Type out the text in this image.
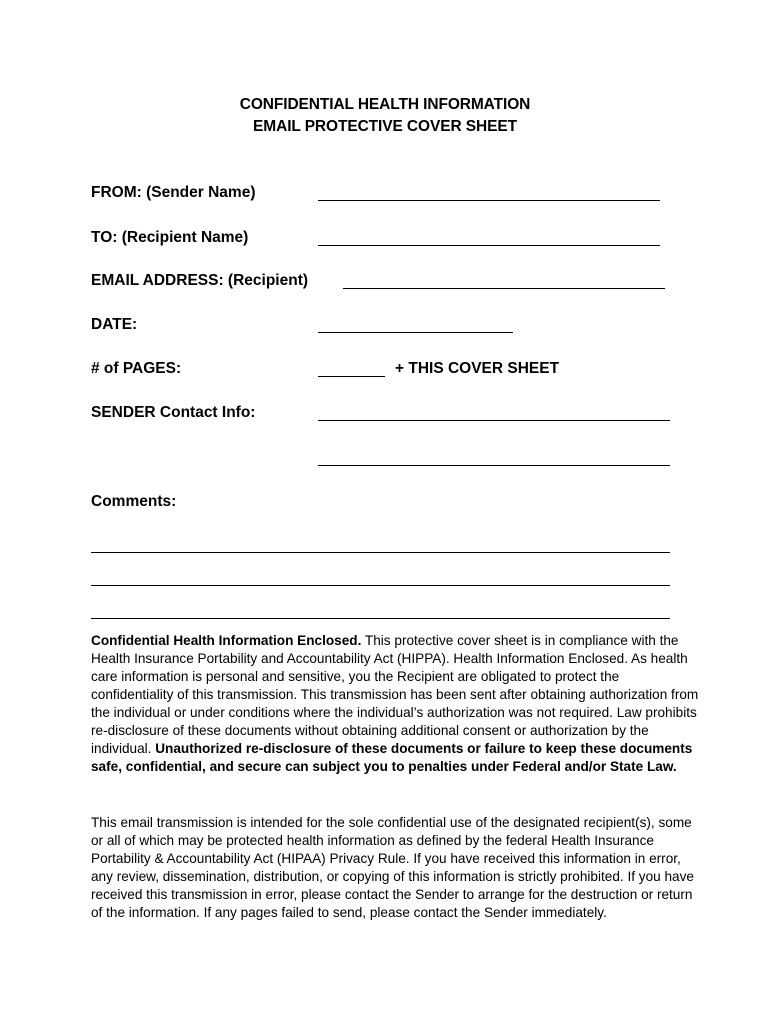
CONFIDENTIAL HEALTH INFORMATION
EMAIL PROTECTIVE COVER SHEET
FROM: (Sender Name)
TO: (Recipient Name)
EMAIL ADDRESS: (Recipient)
DATE:
# of PAGES:	+ THIS COVER SHEET
SENDER Contact Info:
Comments:
Confidential Health Information Enclosed. This protective cover sheet is in compliance with the Health Insurance Portability and Accountability Act (HIPPA). Health Information Enclosed. As health care information is personal and sensitive, you the Recipient are obligated to protect the confidentiality of this transmission. This transmission has been sent after obtaining authorization from the individual or under conditions where the individual’s authorization was not required. Law prohibits re-disclosure of these documents without obtaining additional consent or authorization by the individual. Unauthorized re-disclosure of these documents or failure to keep these documents safe, confidential, and secure can subject you to penalties under Federal and/or State Law.
This email transmission is intended for the sole confidential use of the designated recipient(s), some or all of which may be protected health information as defined by the federal Health Insurance Portability & Accountability Act (HIPAA) Privacy Rule. If you have received this information in error, any review, dissemination, distribution, or copying of this information is strictly prohibited. If you have received this transmission in error, please contact the Sender to arrange for the destruction or return of the information. If any pages failed to send, please contact the Sender immediately.
